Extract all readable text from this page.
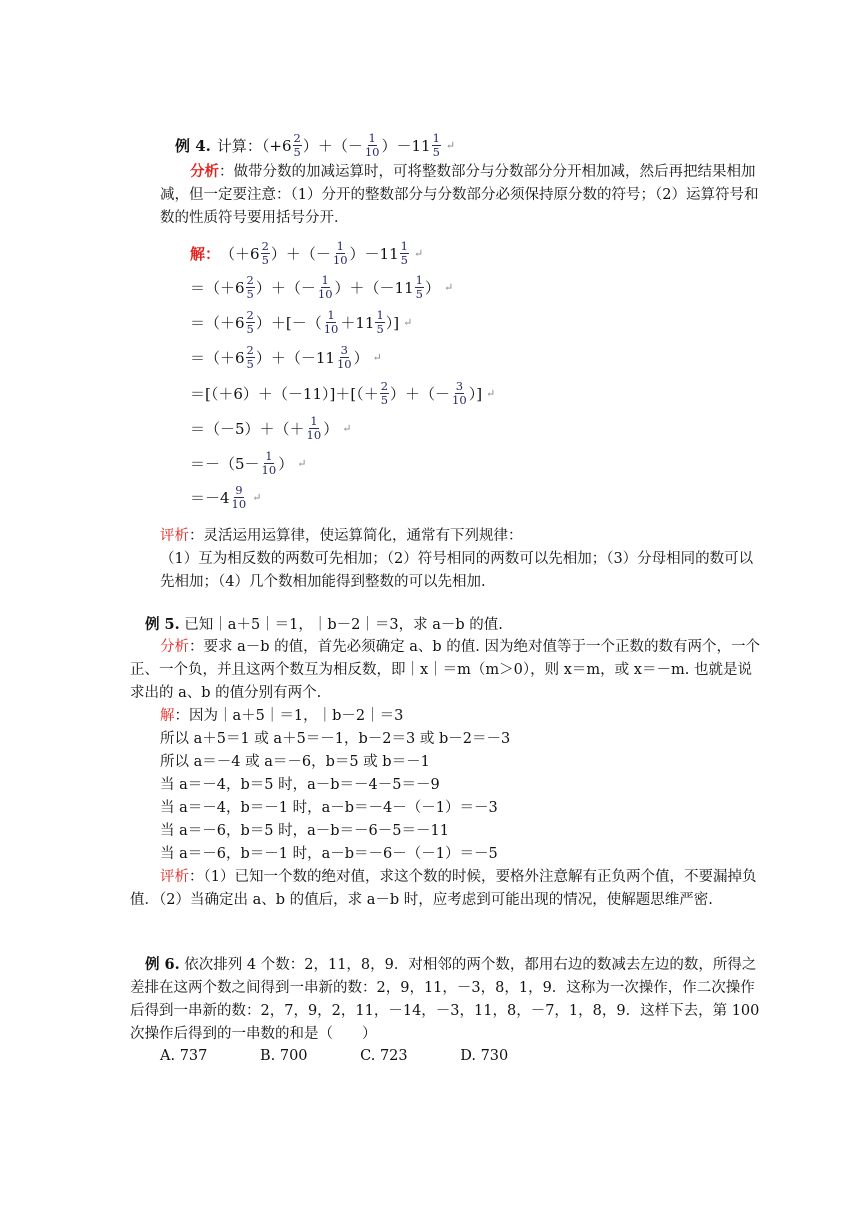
例 4. 计算：（$+6 \frac{2}{5}$ ）＋（－ $\frac{1}{10} )-11 \frac{1}{5}$ ↵
分析：做带分数的加减运算时，可将整数部分与分数部分分开相加减，然后再把结果相加减，但一定要注意：（1）分开的整数部分与分数部分必须保持原分数的符号；（2）运算符号和数的性质符号要用括号分开．
解： （$+6 \frac{2}{5}$ ）＋（－ $\frac{1}{10} )-11 \frac{1}{5}$ ↵
$=(+6 \frac{2}{5}$ ）＋（－ $\frac{1}{10} )+(-11 \frac{1}{5}$ ） ↵
$=(+6 \frac{2}{5}$ ）＋[－（ $\frac{1}{10} +11 \frac{1}{5}$ ）] ↵
$=(+6 \frac{2}{5} )+(-11 \frac{3}{10}$ ） ↵
$=[(+6)+(-11)]+[(+ \frac{2}{5}$ ）＋（－ $\frac{3}{10}$ ）] ↵
$=(-5)+(+ \frac{1}{10}$ ） ↵
$=-(5- \frac{1}{10}$ ） ↵
$=-4 \frac{9}{10}$ ↵
评析：灵活运用运算律，使运算简化，通常有下列规律：
（1）互为相反数的两数可先相加；（2）符号相同的两数可以先相加；（3）分母相同的数可以先相加；（4）几个数相加能得到整数的可以先相加.
例 5. 已知｜a＋5｜＝1，｜b－2｜＝3，求 a－b 的值.
分析：要求 a－b 的值，首先必须确定 a、b 的值. 因为绝对值等于一个正数的数有两个，一个正、一个负，并且这两个数互为相反数，即｜x｜＝m（m＞0），则 x＝m，或 x＝－m. 也就是说求出的 a、b 的值分别有两个.
解：因为｜a＋5｜＝1，｜b－2｜＝3
所以 a＋5＝1 或 a＋5＝－1，b－2＝3 或 b－2＝－3
所以 a＝－4 或 a＝－6，b＝5 或 b＝－1
当 a＝－4，b＝5 时，a－b＝－4－5＝－9
当 a＝－4，b＝－1 时，a－b＝－4－（－1）＝－3
当 a＝－6，b＝5 时，a－b＝－6－5＝－11
当 a＝－6，b＝－1 时，a－b＝－6－（－1）＝－5
评析：（1）已知一个数的绝对值，求这个数的时候，要格外注意解有正负两个值，不要漏掉负值．（2）当确定出 a、b 的值后，求 a－b 时，应考虑到可能出现的情况，使解题思维严密.
例 6. 依次排列 4 个数：2，11，8，9．对相邻的两个数，都用右边的数减去左边的数，所得之差排在这两个数之间得到一串新的数：2，9，11，－3，8，1，9．这称为一次操作，作二次操作后得到一串新的数：2，7，9，2，11，－14，－3，11，8，－7，1，8，9．这样下去，第 100 次操作后得到的一串数的和是（　　）
A. 737	B. 700	C. 723	D. 730
